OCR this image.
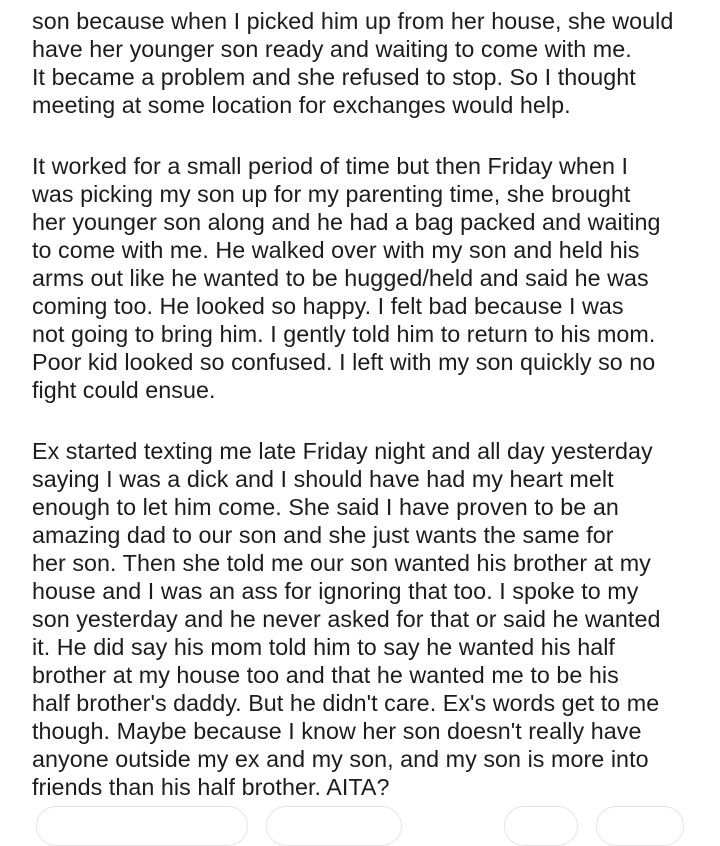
son because when I picked him up from her house, she would
have her younger son ready and waiting to come with me.
It became a problem and she refused to stop. So I thought
meeting at some location for exchanges would help.

It worked for a small period of time but then Friday when I
was picking my son up for my parenting time, she brought
her younger son along and he had a bag packed and waiting
to come with me. He walked over with my son and held his
arms out like he wanted to be hugged/held and said he was
coming too. He looked so happy. I felt bad because I was
not going to bring him. I gently told him to return to his mom.
Poor kid looked so confused. I left with my son quickly so no
fight could ensue.

Ex started texting me late Friday night and all day yesterday
saying I was a dick and I should have had my heart melt
enough to let him come. She said I have proven to be an
amazing dad to our son and she just wants the same for
her son. Then she told me our son wanted his brother at my
house and I was an ass for ignoring that too. I spoke to my
son yesterday and he never asked for that or said he wanted
it. He did say his mom told him to say he wanted his half
brother at my house too and that he wanted me to be his
half brother's daddy. But he didn't care. Ex's words get to me
though. Maybe because I know her son doesn't really have
anyone outside my ex and my son, and my son is more into
friends than his half brother. AITA?
